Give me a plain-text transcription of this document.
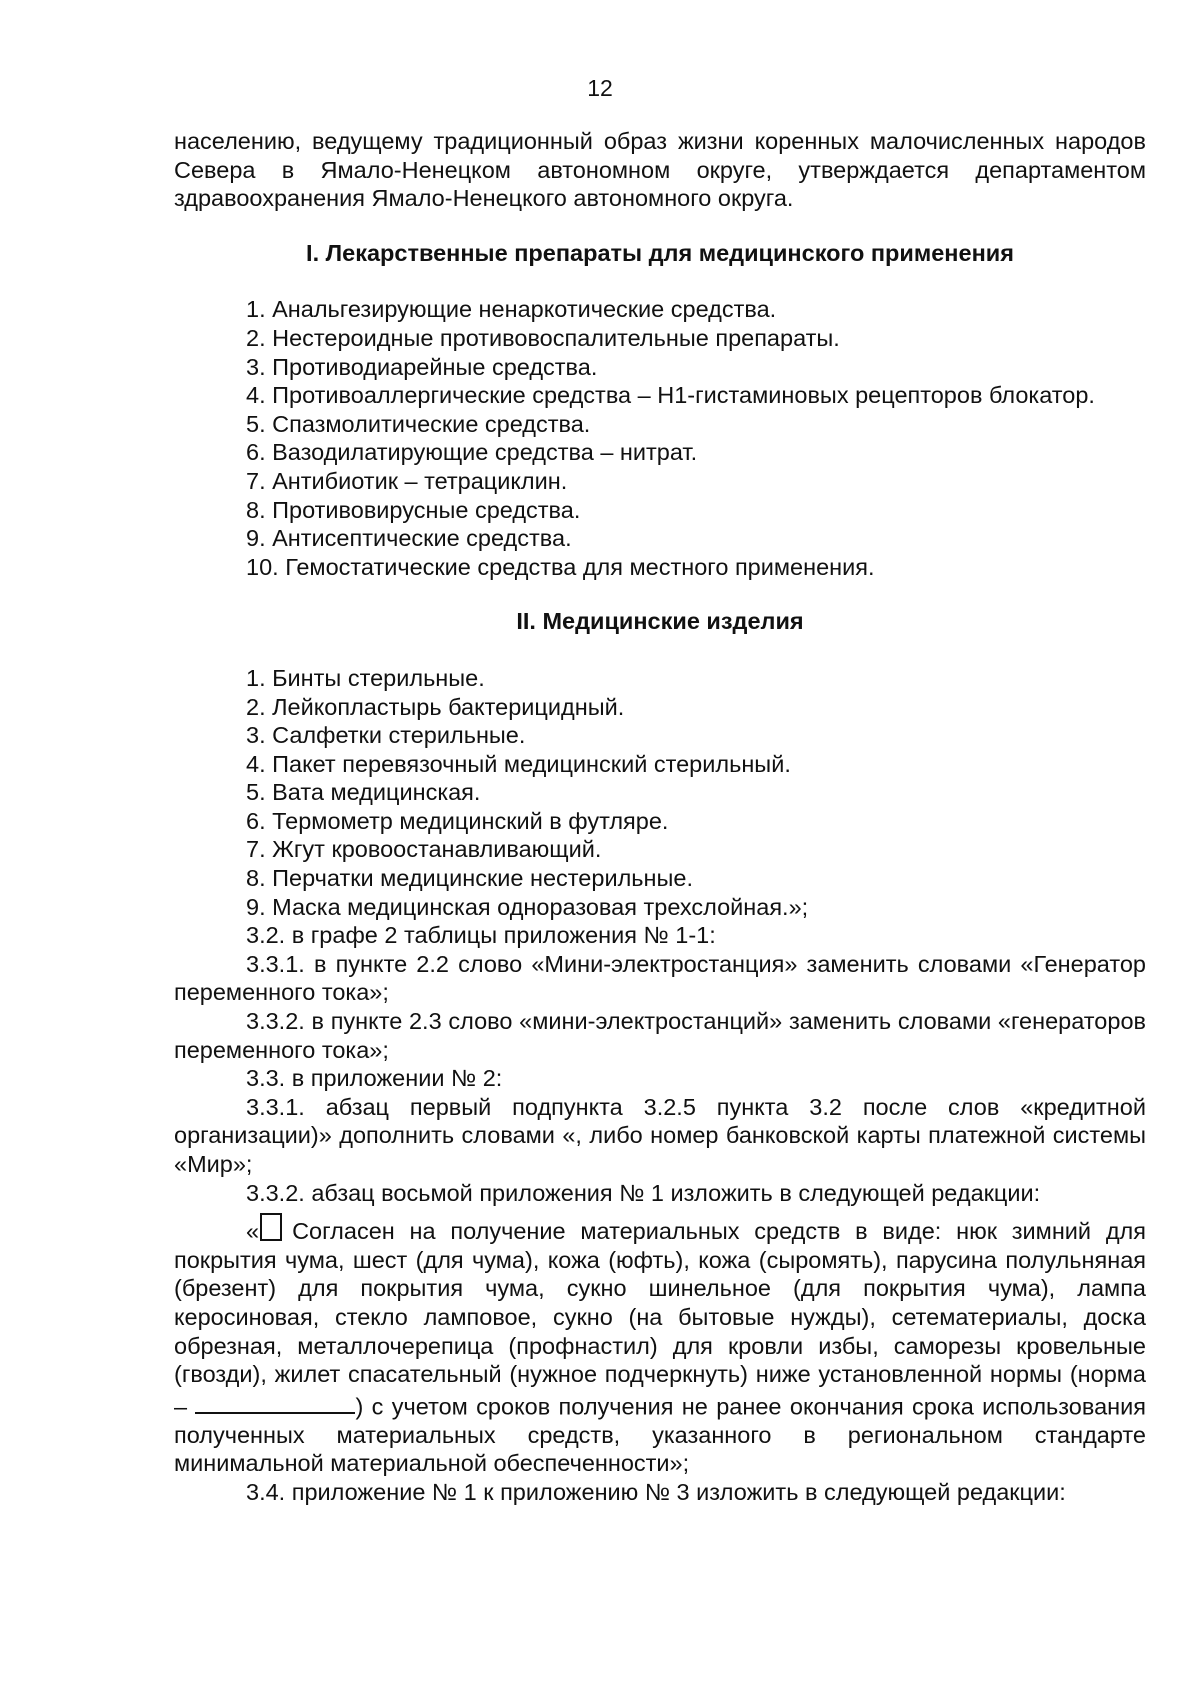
12

населению, ведущему традиционный образ жизни коренных малочисленных народов Севера в Ямало-Ненецком автономном округе, утверждается департаментом здравоохранения Ямало-Ненецкого автономного округа.

I. Лекарственные препараты для медицинского применения

1. Анальгезирующие ненаркотические средства.
2. Нестероидные противовоспалительные препараты.
3. Противодиарейные средства.
4. Противоаллергические средства – H1-гистаминовых рецепторов блокатор.
5. Спазмолитические средства.
6. Вазодилатирующие средства – нитрат.
7. Антибиотик – тетрациклин.
8. Противовирусные средства.
9. Антисептические средства.
10. Гемостатические средства для местного применения.

II. Медицинские изделия

1. Бинты стерильные.
2. Лейкопластырь бактерицидный.
3. Салфетки стерильные.
4. Пакет перевязочный медицинский стерильный.
5. Вата медицинская.
6. Термометр медицинский в футляре.
7. Жгут кровоостанавливающий.
8. Перчатки медицинские нестерильные.
9. Маска медицинская одноразовая трехслойная.»;

3.2. в графе 2 таблицы приложения № 1-1:

3.3.1. в пункте 2.2 слово «Мини-электростанция» заменить словами «Генератор переменного тока»;

3.3.2. в пункте 2.3 слово «мини-электростанций» заменить словами «генераторов переменного тока»;

3.3. в приложении № 2:

3.3.1. абзац первый подпункта 3.2.5 пункта 3.2 после слов «кредитной организации)» дополнить словами «, либо номер банковской карты платежной системы «Мир»;

3.3.2. абзац восьмой приложения № 1 изложить в следующей редакции:

« Согласен на получение материальных средств в виде: нюк зимний для покрытия чума, шест (для чума), кожа (юфть), кожа (сыромять), парусина полульняная (брезент) для покрытия чума, сукно шинельное (для покрытия чума), лампа керосиновая, стекло ламповое, сукно (на бытовые нужды), сетематериалы, доска обрезная, металлочерепица (профнастил) для кровли избы, саморезы кровельные (гвозди), жилет спасательный (нужное подчеркнуть) ниже установленной нормы (норма –	) с учетом сроков получения не ранее окончания срока использования полученных материальных средств, указанного в региональном стандарте минимальной материальной обеспеченности»;

3.4. приложение № 1 к приложению № 3 изложить в следующей редакции:
